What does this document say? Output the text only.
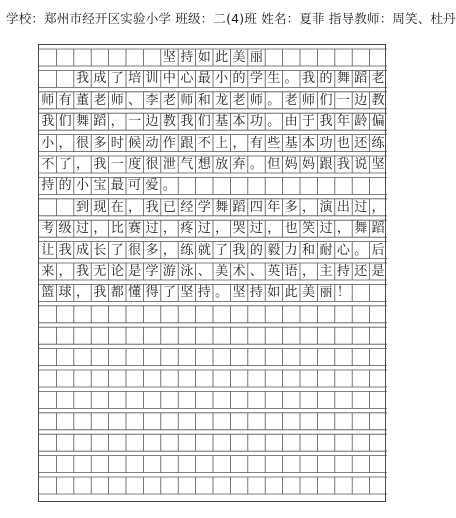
学校：郑州市经开区实验小学 班级：二(4)班 姓名：夏菲 指导教师：周笑、杜丹
坚 持 如 此 美 丽
我 成 了 培 训 中 心 最 小 的 学 生 。 我 的 舞 蹈 老
师 有 董 老 师 、 李 老 师 和 龙 老 师 。 老 师 们 一 边 教
我 们 舞 蹈 ， 一 边 教 我 们 基 本 功 。 由 于 我 年 龄 偏
小 ， 很 多 时 候 动 作 跟 不 上 ， 有 些 基 本 功 也 还 练
不 了 ， 我 一 度 很 泄 气 想 放 弃 。 但 妈 妈 跟 我 说 坚
持 的 小 宝 最 可 爱 。
到 现 在 ， 我 已 经 学 舞 蹈 四 年 多 ， 演 出 过 ，
考 级 过 ， 比 赛 过 ， 疼 过 ， 哭 过 ， 也 笑 过 ， 舞 蹈
让 我 成 长 了 很 多 ， 练 就 了 我 的 毅 力 和 耐 心 。 后
来 ， 我 无 论 是 学 游 泳 、 美 术 、 英 语 ， 主 持 还 是
篮 球 ， 我 都 懂 得 了 坚 持 。 坚 持 如 此 美 丽 ！
